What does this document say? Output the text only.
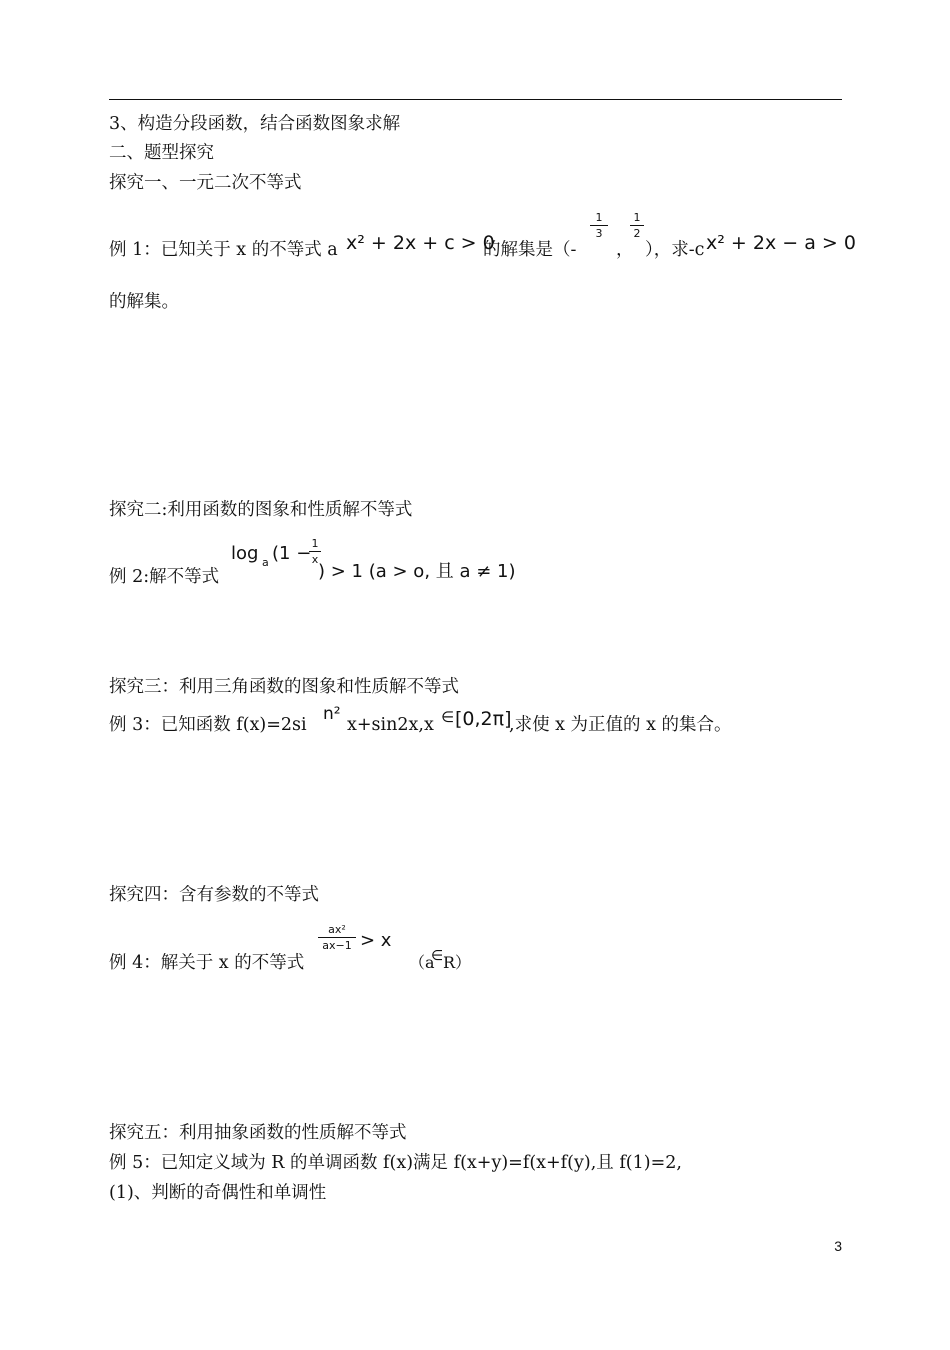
3、构造分段函数，结合函数图象求解
二、题型探究
探究一、一元二次不等式
例 1：已知关于 x 的不等式 a x² + 2x + c > 0
的解集是（-
1
3
，
1
2
），求-c x² + 2x − a > 0
的解集。
探究二:利用函数的图象和性质解不等式
例 2:解不等式
log a (1 − 1
x
) > 1 (a > o, 且 a ≠ 1)
探究三：利用三角函数的图象和性质解不等式
例 3：已知函数 f(x)=2si
n²
x+sin2x,x ∈ [0,2π]
,求使 x 为正值的 x 的集合。
探究四：含有参数的不等式
例 4：解关于 x 的不等式
ax²
ax−1 > x
（a
∈ R）
探究五：利用抽象函数的性质解不等式
例 5：已知定义域为 R 的单调函数 f(x)满足 f(x+y)=f(x+f(y),且 f(1)=2,
(1)、判断的奇偶性和单调性
3
